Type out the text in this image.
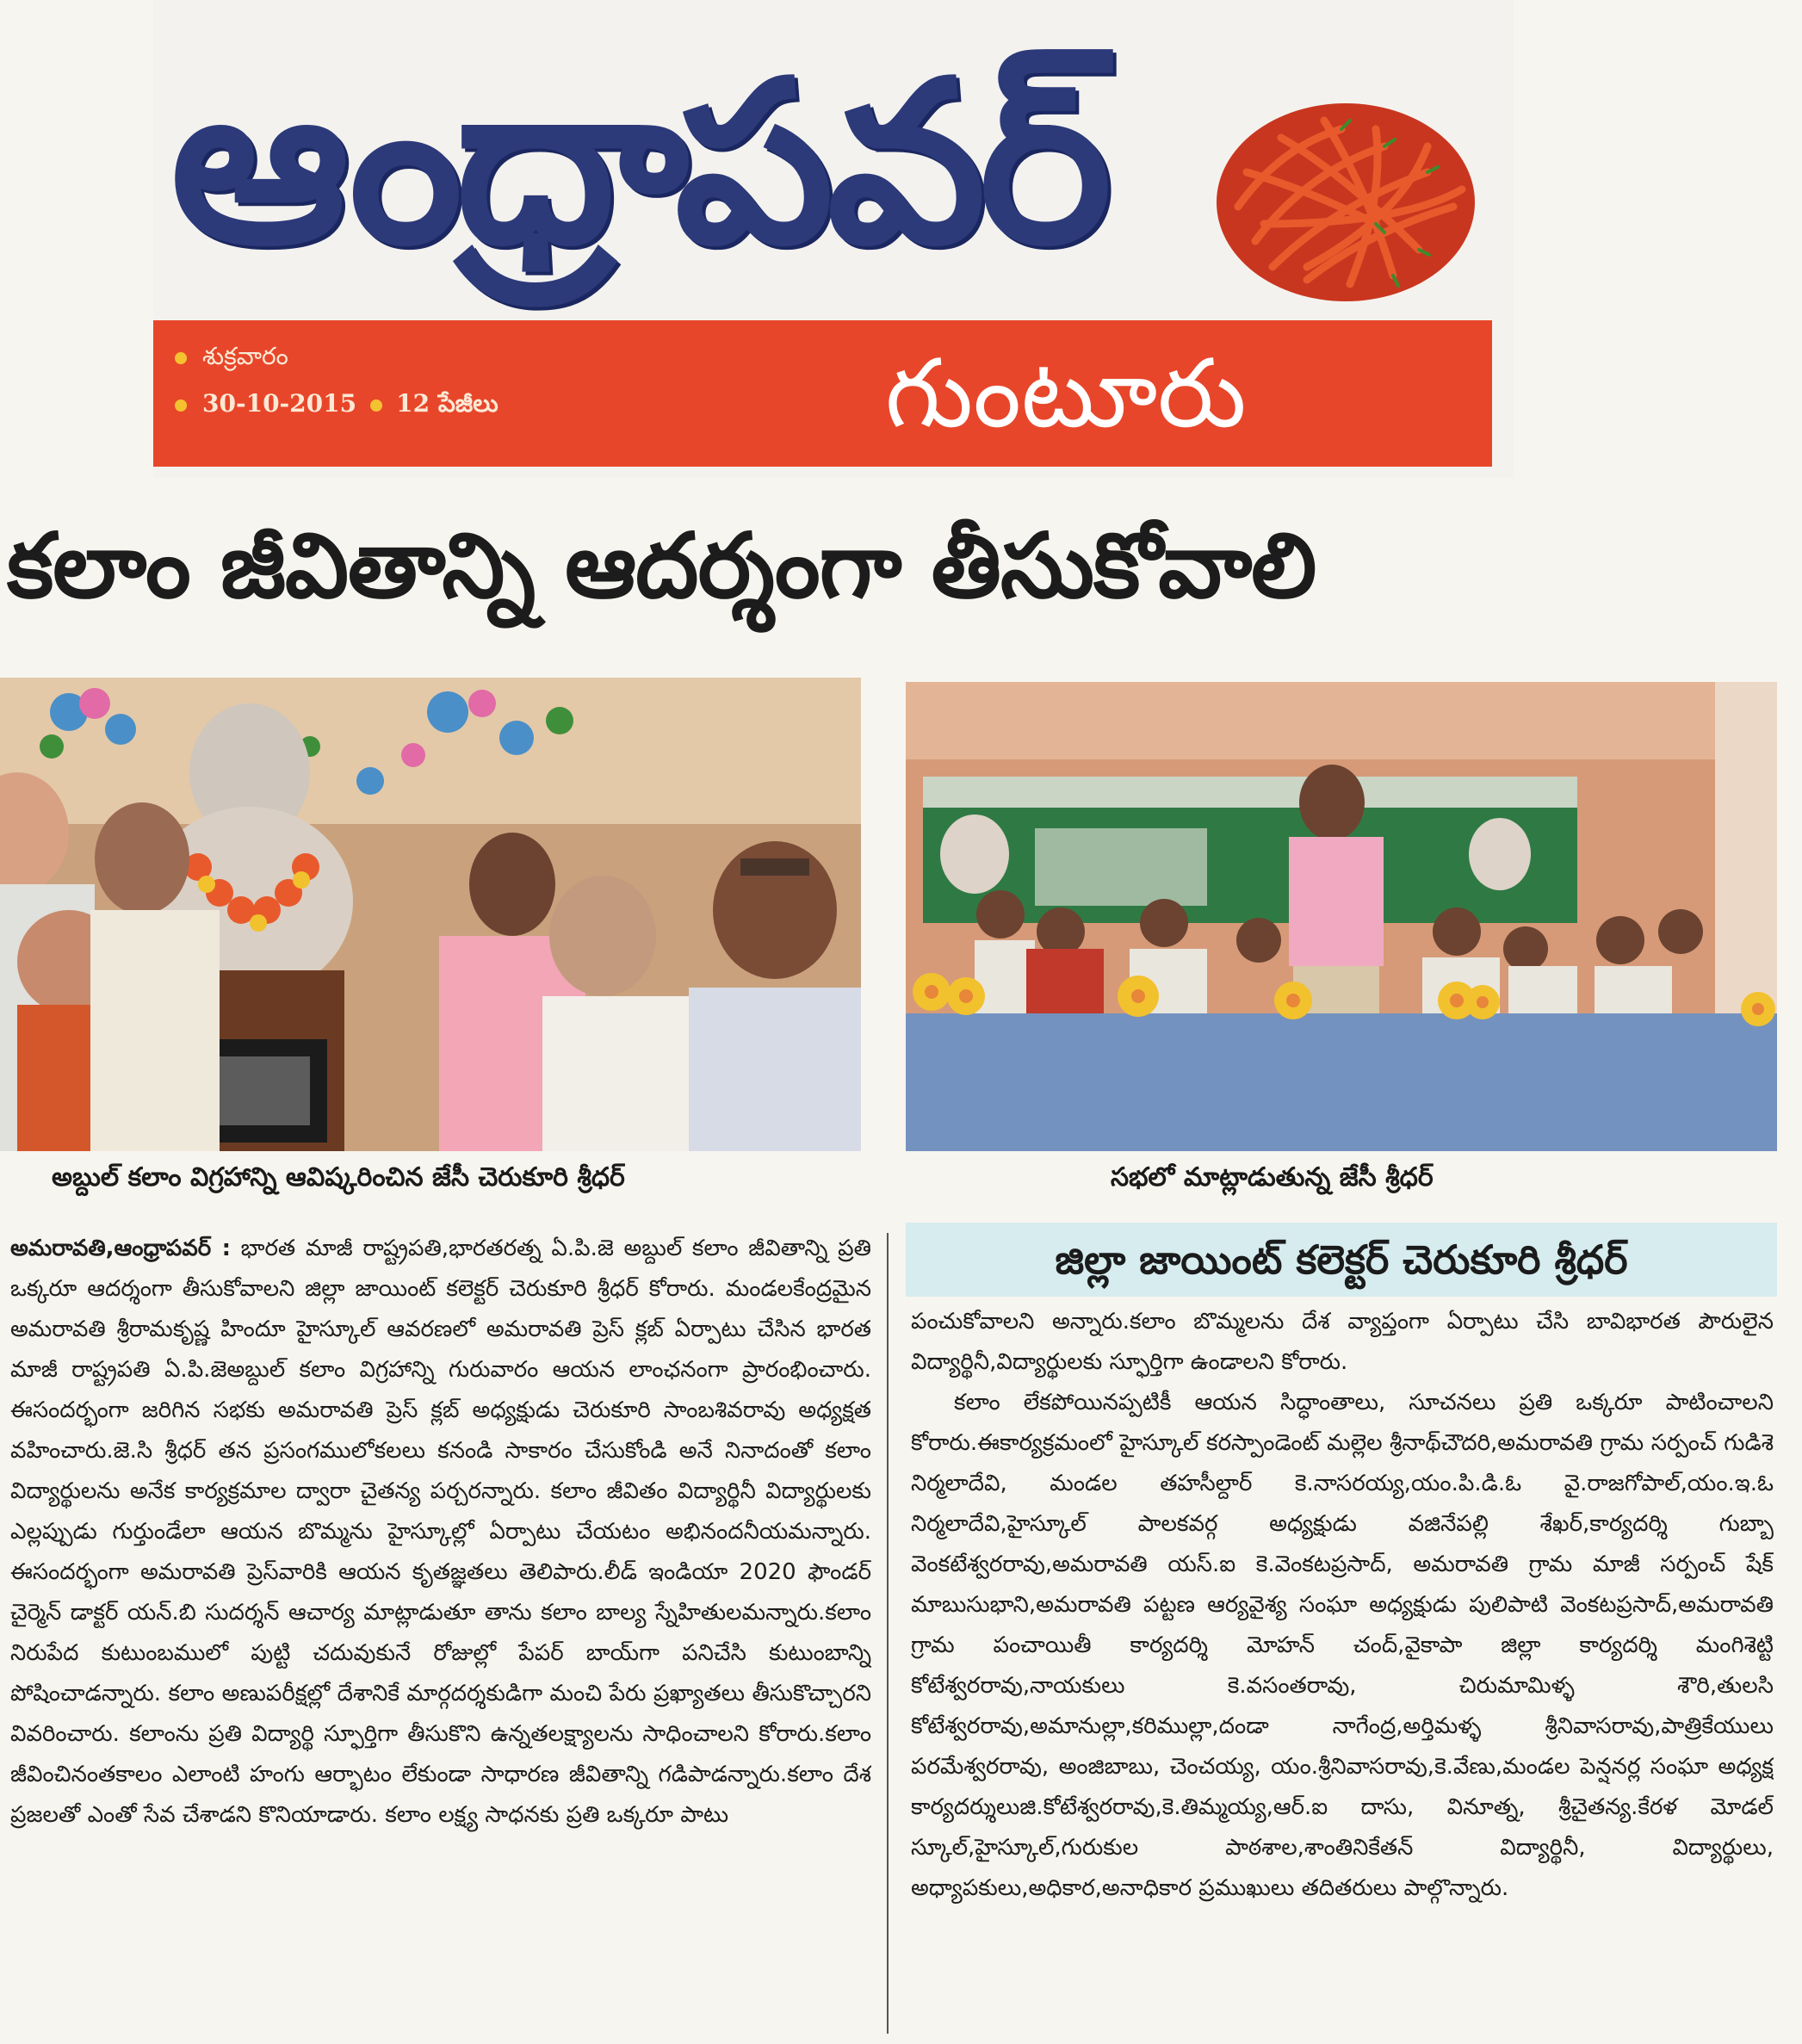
ఆంధ్రాపవర్
శుక్రవారం
30-10-2015 12 పేజీలు	గుంటూరు
కలాం జీవితాన్ని ఆదర్శంగా తీసుకోవాలి
అబ్దుల్ కలాం విగ్రహాన్ని ఆవిష్కరించిన జేసీ చెరుకూరి శ్రీధర్	సభలో మాట్లాడుతున్న జేసీ శ్రీధర్
జిల్లా జాయింట్ కలెక్టర్ చెరుకూరి శ్రీధర్

అమరావతి,ఆంధ్రాపవర్ : భారత మాజీ రాష్ట్రపతి,భారతరత్న ఏ.పి.జె అబ్దుల్ కలాం జీవితాన్ని ప్రతి ఒక్కరూ ఆదర్శంగా తీసుకోవాలని జిల్లా జాయింట్ కలెక్టర్ చెరుకూరి శ్రీధర్ కోరారు. మండలకేంద్రమైన అమరావతి శ్రీరామకృష్ణ హిందూ హైస్కూల్ ఆవరణలో అమరావతి ప్రెస్ క్లబ్ ఏర్పాటు చేసిన భారత మాజీ రాష్ట్రపతి ఏ.పి.జెఅబ్దుల్ కలాం విగ్రహాన్ని గురువారం ఆయన లాంఛనంగా ప్రారంభించారు. ఈసందర్భంగా జరిగిన సభకు అమరావతి ప్రెస్ క్లబ్ అధ్యక్షుడు చెరుకూరి సాంబశివరావు అధ్యక్షత వహించారు.జె.సి శ్రీధర్ తన ప్రసంగములోకలలు కనండి సాకారం చేసుకోండి అనే నినాదంతో కలాం విద్యార్థులను అనేక కార్యక్రమాల ద్వారా చైతన్య పర్చరన్నారు. కలాం జీవితం విద్యార్థినీ విద్యార్థులకు ఎల్లప్పుడు గుర్తుండేలా ఆయన బొమ్మను హైస్కూల్లో ఏర్పాటు చేయటం అభినందనీయమన్నారు. ఈసందర్భంగా అమరావతి ప్రెస్‌వారికి ఆయన కృతజ్ఞతలు తెలిపారు.లీడ్ ఇండియా 2020 ఫౌండర్ చైర్మెన్ డాక్టర్ యన్.బి సుదర్శన్ ఆచార్య మాట్లాడుతూ తాను కలాం బాల్య స్నేహితులమన్నారు.కలాం నిరుపేద కుటుంబములో పుట్టి చదువుకునే రోజుల్లో పేపర్ బాయ్‌గా పనిచేసి కుటుంబాన్ని పోషించాడన్నారు. కలాం అణుపరీక్షల్లో దేశానికే మార్గదర్శకుడిగా మంచి పేరు ప్రఖ్యాతలు తీసుకొచ్చారని వివరించారు. కలాంను ప్రతి విద్యార్థి స్ఫూర్తిగా తీసుకొని ఉన్నతలక్ష్యాలను సాధించాలని కోరారు.కలాం జీవించినంతకాలం ఎలాంటి హంగు ఆర్భాటం లేకుండా సాధారణ జీవితాన్ని గడిపాడన్నారు.కలాం దేశ ప్రజలతో ఎంతో సేవ చేశాడని కొనియాడారు. కలాం లక్ష్య సాధనకు ప్రతి ఒక్కరూ పాటు

పంచుకోవాలని అన్నారు.కలాం బొమ్మలను దేశ వ్యాప్తంగా ఏర్పాటు చేసి బావిభారత పౌరులైన విద్యార్థినీ,విద్యార్థులకు స్ఫూర్తిగా ఉండాలని కోరారు.

కలాం లేకపోయినప్పటికీ ఆయన సిద్ధాంతాలు, సూచనలు ప్రతి ఒక్కరూ పాటించాలని కోరారు.ఈకార్యక్రమంలో హైస్కూల్ కరస్పాండెంట్ మల్లెల శ్రీనాథ్‌చౌదరి,అమరావతి గ్రామ సర్పంచ్ గుడిశె నిర్మలాదేవి, మండల తహసీల్దార్ కె.నాసరయ్య,యం.పి.డి.ఓ వై.రాజగోపాల్,యం.ఇ.ఓ నిర్మలాదేవి,హైస్కూల్ పాలకవర్గ అధ్యక్షుడు వజినేపల్లి శేఖర్,కార్యదర్శి గుబ్బా వెంకటేశ్వరరావు,అమరావతి యస్.ఐ కె.వెంకటప్రసాద్, అమరావతి గ్రామ మాజీ సర్పంచ్ షేక్ మాబుసుభాని,అమరావతి పట్టణ ఆర్యవైశ్య సంఘా అధ్యక్షుడు పులిపాటి వెంకటప్రసాద్,అమరావతి గ్రామ పంచాయితీ కార్యదర్శి మోహన్ చంద్,వైకాపా జిల్లా కార్యదర్శి మంగిశెట్టి కోటేశ్వరరావు,నాయకులు కె.వసంతరావు, చిరుమామిళ్ళ శౌరి,తులసి కోటేశ్వరరావు,అమానుల్లా,కరిముల్లా,దండా నాగేంద్ర,అర్తిమళ్ళ శ్రీనివాసరావు,పాత్రికేయులు పరమేశ్వరరావు, అంజిబాబు, చెంచయ్య, యం.శ్రీనివాసరావు,కె.వేణు,మండల పెన్షనర్ల సంఘా అధ్యక్ష కార్యదర్శులుజి.కోటేశ్వరరావు,కె.తిమ్మయ్య,ఆర్.ఐ దాసు, వినూత్న, శ్రీచైతన్య.కేరళ మోడల్ స్కూల్,హైస్కూల్,గురుకుల పాఠశాల,శాంతినికేతన్ విద్యార్థినీ, విద్యార్థులు, అధ్యాపకులు,అధికార,అనాధికార ప్రముఖులు తదితరులు పాల్గొన్నారు.
